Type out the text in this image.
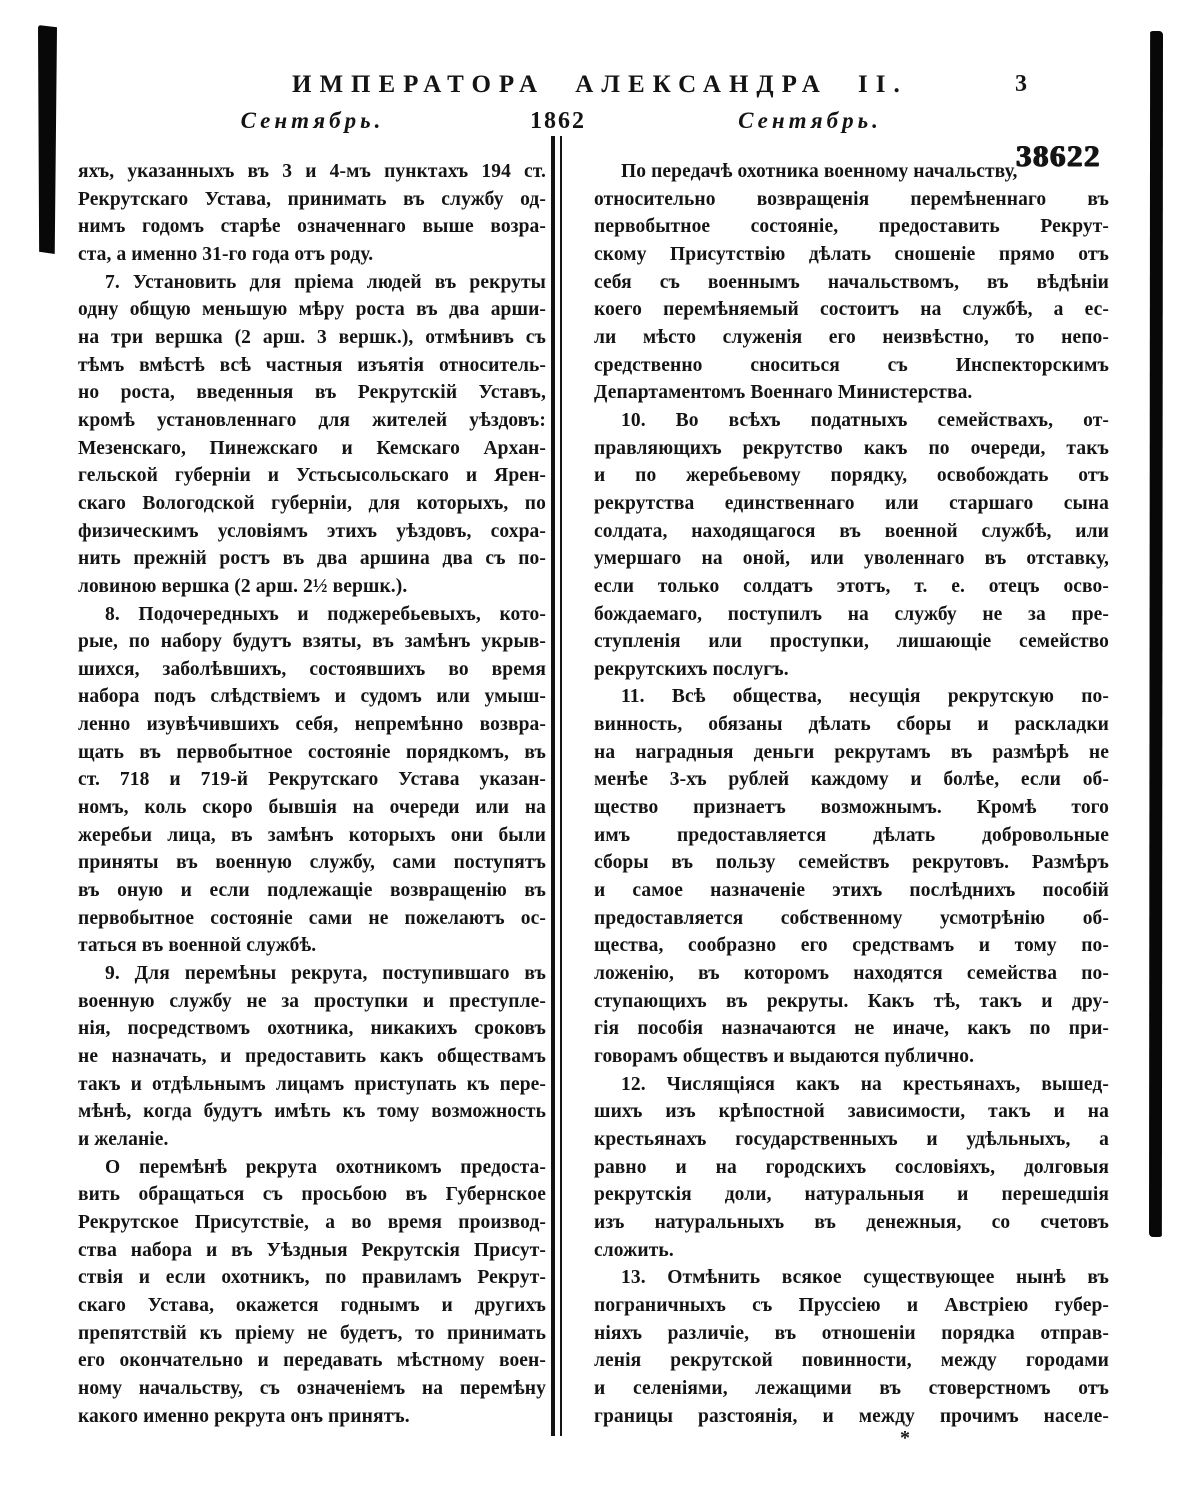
ИМПЕРАТОРА АЛЕКСАНДРА II.	3
Сентябрь.	1862	Сентябрь.
38622
яхъ, указанныхъ въ 3 и 4-мъ пунктахъ 194 ст.
Рекрутскаго Устава, принимать въ службу од-
нимъ годомъ старѣе означеннаго выше возра-
ста, а именно 31-го года отъ роду.
7. Установить для пріема людей въ рекруты
одну общую меньшую мѣру роста въ два арши-
на три вершка (2 арш. 3 вершк.), отмѣнивъ съ
тѣмъ вмѣстѣ всѣ частныя изъятія относитель-
но роста, введенныя въ Рекрутскій Уставъ,
кромѣ установленнаго для жителей уѣздовъ:
Мезенскаго, Пинежскаго и Кемскаго Архан-
гельской губерніи и Устьсысольскаго и Ярен-
скаго Вологодской губерніи, для которыхъ, по
физическимъ условіямъ этихъ уѣздовъ, сохра-
нить прежній ростъ въ два аршина два съ по-
ловиною вершка (2 арш. 2½ вершк.).
8. Подочередныхъ и поджеребьевыхъ, кото-
рые, по набору будутъ взяты, въ замѣнъ укрыв-
шихся, заболѣвшихъ, состоявшихъ во время
набора подъ слѣдствіемъ и судомъ или умыш-
ленно изувѣчившихъ себя, непремѣнно возвра-
щать въ первобытное состояніе порядкомъ, въ
ст. 718 и 719-й Рекрутскаго Устава указан-
номъ, коль скоро бывшія на очереди или на
жеребьи лица, въ замѣнъ которыхъ они были
приняты въ военную службу, сами поступятъ
въ оную и если подлежащіе возвращенію въ
первобытное состояніе сами не пожелаютъ ос-
таться въ военной службѣ.
9. Для перемѣны рекрута, поступившаго въ
военную службу не за проступки и преступле-
нія, посредствомъ охотника, никакихъ сроковъ
не назначать, и предоставить какъ обществамъ
такъ и отдѣльнымъ лицамъ приступать къ пере-
мѣнѣ, когда будутъ имѣть къ тому возможность
и желаніе.
О перемѣнѣ рекрута охотникомъ предоста-
вить обращаться съ просьбою въ Губернское
Рекрутское Присутствіе, а во время производ-
ства набора и въ Уѣздныя Рекрутскія Присут-
ствія и если охотникъ, по правиламъ Рекрут-
скаго Устава, окажется годнымъ и другихъ
препятствій къ пріему не будетъ, то принимать
его окончательно и передавать мѣстному воен-
ному начальству, съ означеніемъ на перемѣну
какого именно рекрута онъ принятъ.
По передачѣ охотника военному начальству,
относительно возвращенія перемѣненнаго въ
первобытное состояніе, предоставить Рекрут-
скому Присутствію дѣлать сношеніе прямо отъ
себя съ военнымъ начальствомъ, въ вѣдѣніи
коего перемѣняемый состоитъ на службѣ, а ес-
ли мѣсто служенія его неизвѣстно, то непо-
средственно сноситься съ Инспекторскимъ
Департаментомъ Военнаго Министерства.
10. Во всѣхъ податныхъ семействахъ, от-
правляющихъ рекрутство какъ по очереди, такъ
и по жеребьевому порядку, освобождать отъ
рекрутства единственнаго или старшаго сына
солдата, находящагося въ военной службѣ, или
умершаго на оной, или уволеннаго въ отставку,
если только солдатъ этотъ, т. е. отецъ осво-
бождаемаго, поступилъ на службу не за пре-
ступленія или проступки, лишающіе семейство
рекрутскихъ послугъ.
11. Всѣ общества, несущія рекрутскую по-
винность, обязаны дѣлать сборы и раскладки
на наградныя деньги рекрутамъ въ размѣрѣ не
менѣе 3-хъ рублей каждому и болѣе, если об-
щество признаетъ возможнымъ. Кромѣ того
имъ предоставляется дѣлать добровольные
сборы въ пользу семействъ рекрутовъ. Размѣръ
и самое назначеніе этихъ послѣднихъ пособій
предоставляется собственному усмотрѣнію об-
щества, сообразно его средствамъ и тому по-
ложенію, въ которомъ находятся семейства по-
ступающихъ въ рекруты. Какъ тѣ, такъ и дру-
гія пособія назначаются не иначе, какъ по при-
говорамъ обществъ и выдаются публично.
12. Числящіяся какъ на крестьянахъ, вышед-
шихъ изъ крѣпостной зависимости, такъ и на
крестьянахъ государственныхъ и удѣльныхъ, а
равно и на городскихъ сословіяхъ, долговыя
рекрутскія доли, натуральныя и перешедшія
изъ натуральныхъ въ денежныя, со счетовъ
сложить.
13. Отмѣнить всякое существующее нынѣ въ
пограничныхъ съ Пруссіею и Австріею губер-
ніяхъ различіе, въ отношеніи порядка отправ-
ленія рекрутской повинности, между городами
и селеніями, лежащими въ стоверстномъ отъ
границы разстоянія, и между прочимъ населе-
*
